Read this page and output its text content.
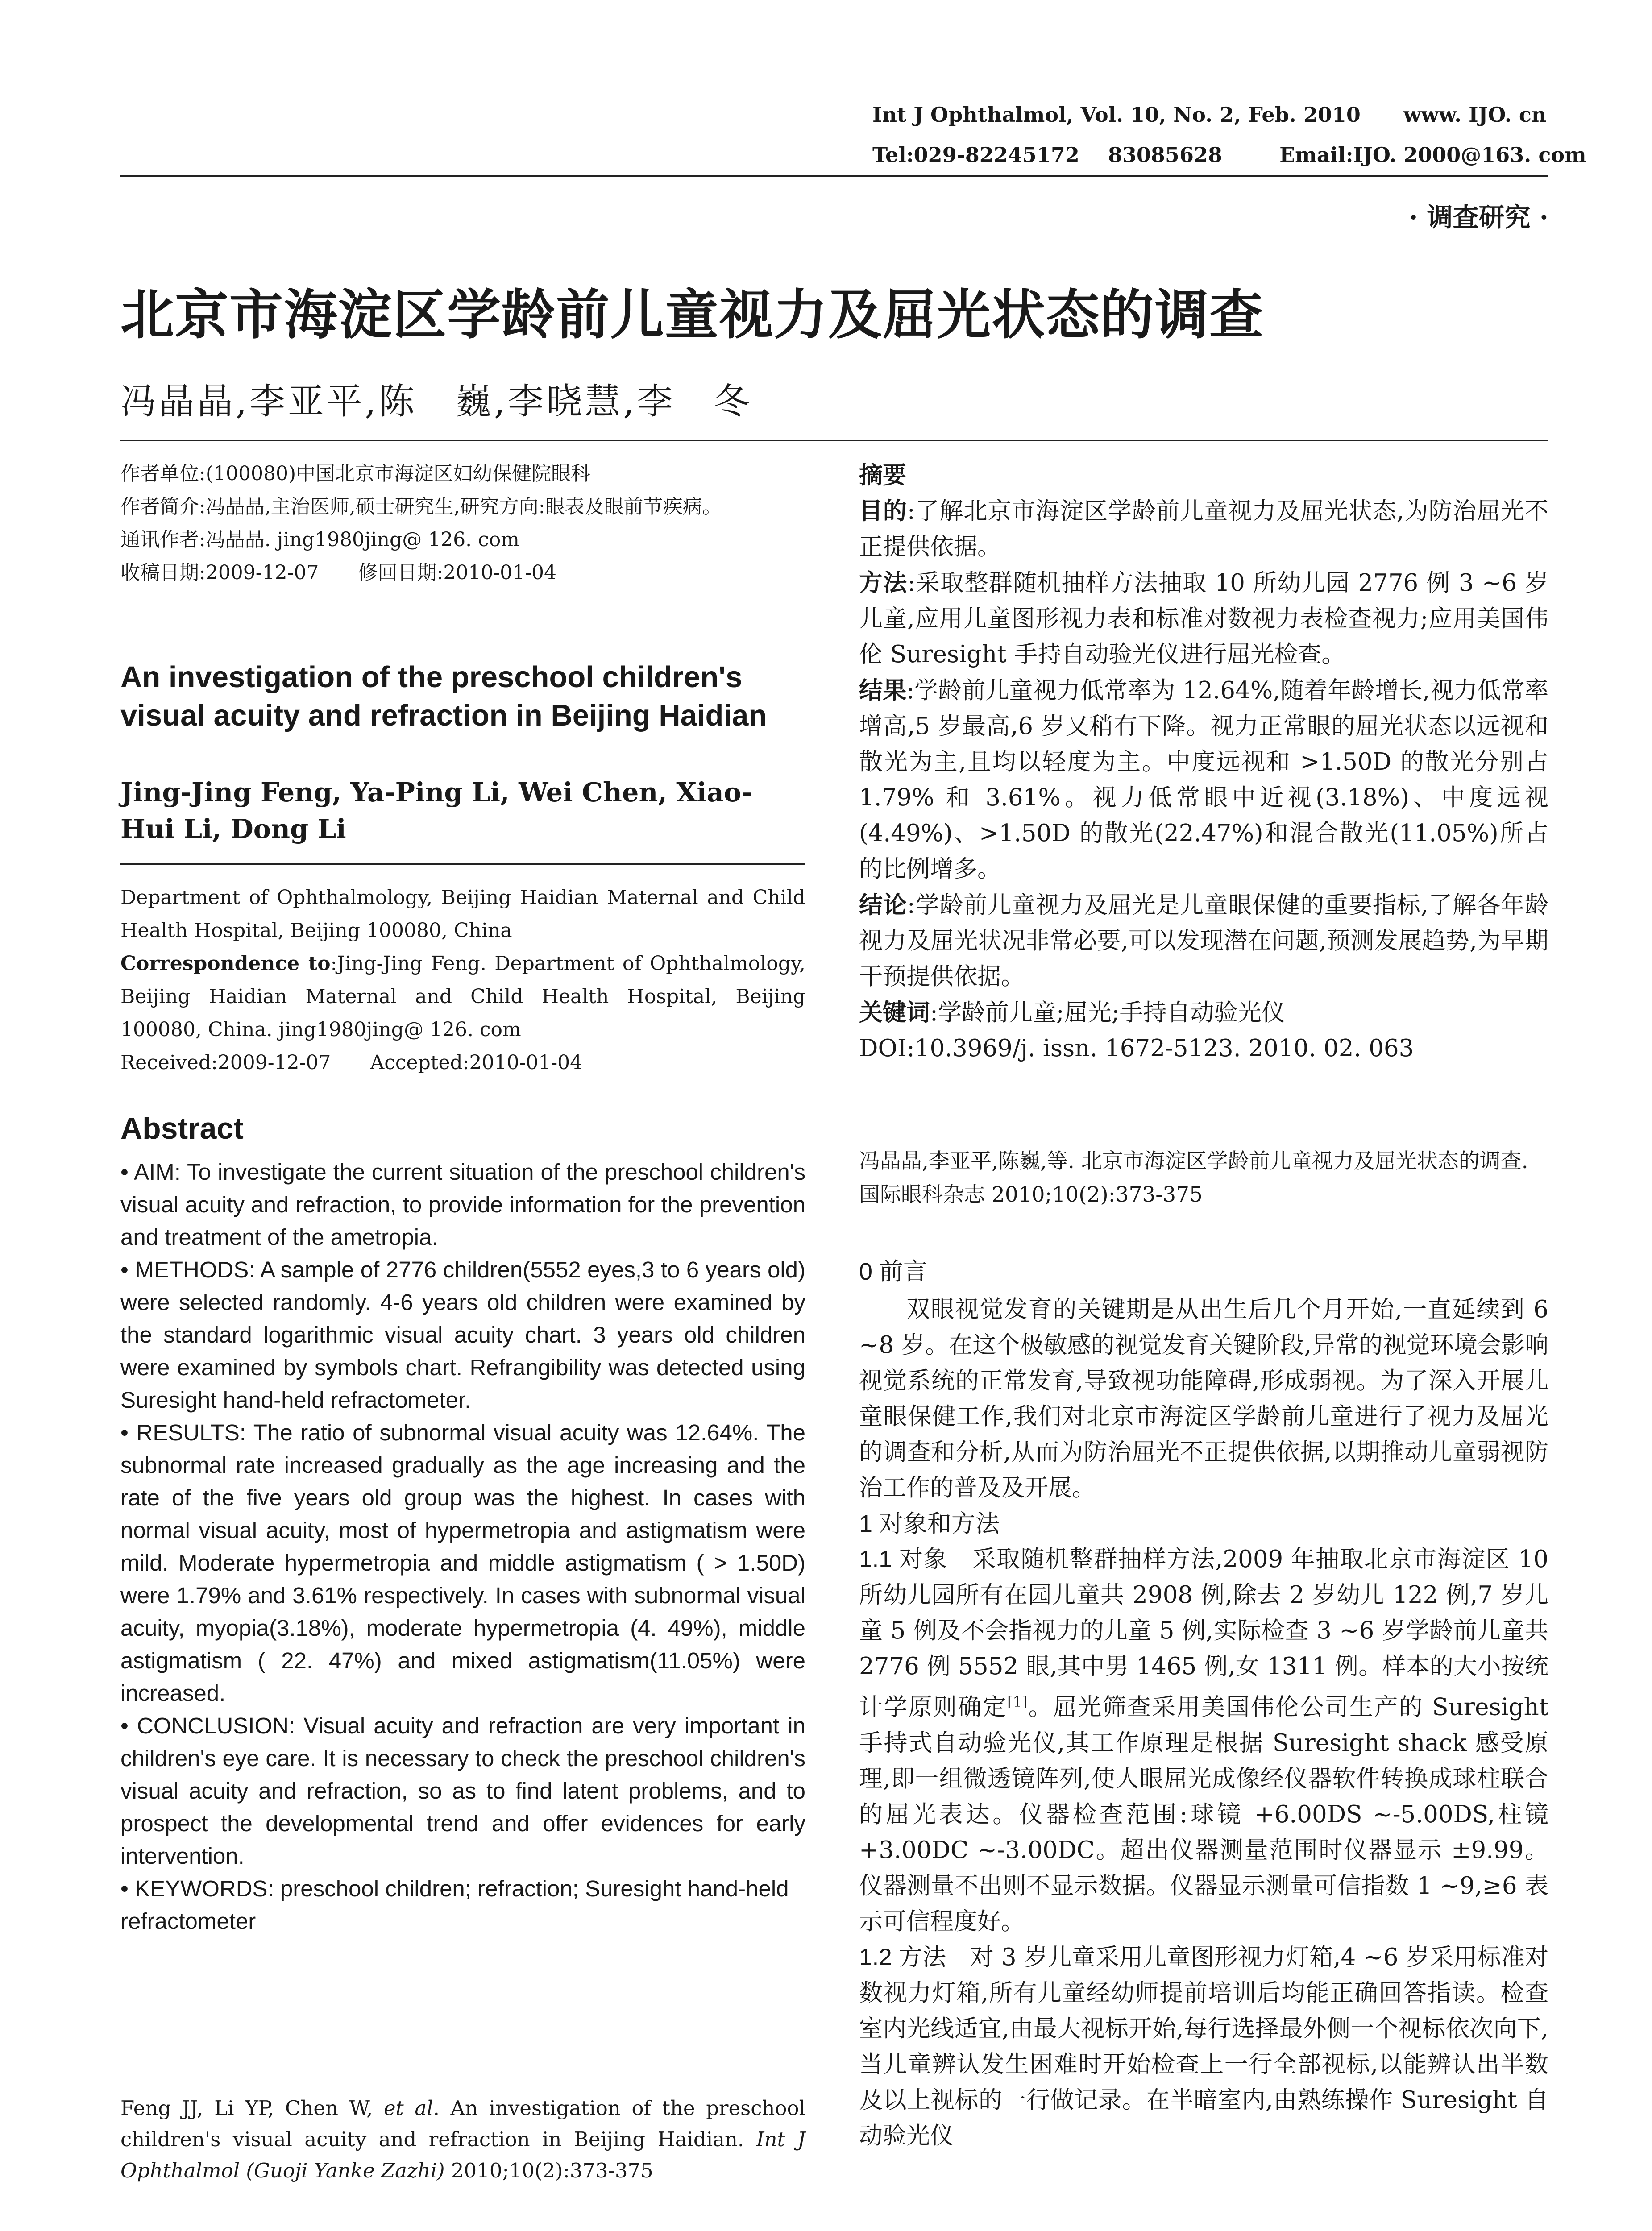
Int J Ophthalmol, Vol. 10, No. 2, Feb. 2010 www. IJO. cn
Tel:029-82245172 83085628	Email:IJO. 2000@163. com
· 调查研究 ·
北京市海淀区学龄前儿童视力及屈光状态的调查
冯晶晶,李亚平,陈　巍,李晓慧,李　冬

作者单位:(100080)中国北京市海淀区妇幼保健院眼科

作者简介:冯晶晶,主治医师,硕士研究生,研究方向:眼表及眼前节疾病。

通讯作者:冯晶晶. jing1980jing@ 126. com

收稿日期:2009-12-07　　修回日期:2010-01-04

An investigation of the preschool children's visual acuity and refraction in Beijing Haidian
Jing-Jing Feng, Ya-Ping Li, Wei Chen, Xiao-Hui Li, Dong Li

Department of Ophthalmology, Beijing Haidian Maternal and Child Health Hospital, Beijing 100080, China

Correspondence to:Jing-Jing Feng. Department of Ophthalmology, Beijing Haidian Maternal and Child Health Hospital, Beijing 100080, China. jing1980jing@ 126. com

Received:2009-12-07　　Accepted:2010-01-04

Abstract

• AIM: To investigate the current situation of the preschool children's visual acuity and refraction, to provide information for the prevention and treatment of the ametropia.

• METHODS: A sample of 2776 children(5552 eyes,3 to 6 years old) were selected randomly. 4-6 years old children were examined by the standard logarithmic visual acuity chart. 3 years old children were examined by symbols chart. Refrangibility was detected using Suresight hand-held refractometer.

• RESULTS: The ratio of subnormal visual acuity was 12.64%. The subnormal rate increased gradually as the age increasing and the rate of the five years old group was the highest. In cases with normal visual acuity, most of hypermetropia and astigmatism were mild. Moderate hypermetropia and middle astigmatism ( > 1.50D) were 1.79% and 3.61% respectively. In cases with subnormal visual acuity, myopia(3.18%), moderate hypermetropia (4. 49%), middle astigmatism ( 22. 47%) and mixed astigmatism(11.05%) were increased.

• CONCLUSION: Visual acuity and refraction are very important in children's eye care. It is necessary to check the preschool children's visual acuity and refraction, so as to find latent problems, and to prospect the developmental trend and offer evidences for early intervention.

• KEYWORDS: preschool children; refraction; Suresight hand-held refractometer

Feng JJ, Li YP, Chen W, et al. An investigation of the preschool children's visual acuity and refraction in Beijing Haidian. Int J Ophthalmol (Guoji Yanke Zazhi) 2010;10(2):373-375

摘要

目的:了解北京市海淀区学龄前儿童视力及屈光状态,为防治屈光不正提供依据。

方法:采取整群随机抽样方法抽取 10 所幼儿园 2776 例 3 ~6 岁儿童,应用儿童图形视力表和标准对数视力表检查视力;应用美国伟伦 Suresight 手持自动验光仪进行屈光检查。

结果:学龄前儿童视力低常率为 12.64%,随着年龄增长,视力低常率增高,5 岁最高,6 岁又稍有下降。视力正常眼的屈光状态以远视和散光为主,且均以轻度为主。中度远视和 >1.50D 的散光分别占 1.79% 和 3.61%。视力低常眼中近视(3.18%)、中度远视(4.49%)、>1.50D 的散光(22.47%)和混合散光(11.05%)所占的比例增多。

结论:学龄前儿童视力及屈光是儿童眼保健的重要指标,了解各年龄视力及屈光状况非常必要,可以发现潜在问题,预测发展趋势,为早期干预提供依据。

关键词:学龄前儿童;屈光;手持自动验光仪

DOI:10.3969/j. issn. 1672-5123. 2010. 02. 063

冯晶晶,李亚平,陈巍,等. 北京市海淀区学龄前儿童视力及屈光状态的调查. 国际眼科杂志 2010;10(2):373-375
0 前言

双眼视觉发育的关键期是从出生后几个月开始,一直延续到 6 ~8 岁。在这个极敏感的视觉发育关键阶段,异常的视觉环境会影响视觉系统的正常发育,导致视功能障碍,形成弱视。为了深入开展儿童眼保健工作,我们对北京市海淀区学龄前儿童进行了视力及屈光的调查和分析,从而为防治屈光不正提供依据,以期推动儿童弱视防治工作的普及及开展。

1 对象和方法

1.1 对象　采取随机整群抽样方法,2009 年抽取北京市海淀区 10 所幼儿园所有在园儿童共 2908 例,除去 2 岁幼儿 122 例,7 岁儿童 5 例及不会指视力的儿童 5 例,实际检查 3 ~6 岁学龄前儿童共 2776 例 5552 眼,其中男 1465 例,女 1311 例。样本的大小按统计学原则确定[1]。屈光筛查采用美国伟伦公司生产的 Suresight 手持式自动验光仪,其工作原理是根据 Suresight shack 感受原理,即一组微透镜阵列,使人眼屈光成像经仪器软件转换成球柱联合的屈光表达。仪器检查范围:球镜 +6.00DS ~-5.00DS,柱镜 +3.00DC ~-3.00DC。超出仪器测量范围时仪器显示 ±9.99。仪器测量不出则不显示数据。仪器显示测量可信指数 1 ~9,≥6 表示可信程度好。

1.2 方法　对 3 岁儿童采用儿童图形视力灯箱,4 ~6 岁采用标准对数视力灯箱,所有儿童经幼师提前培训后均能正确回答指读。检查室内光线适宜,由最大视标开始,每行选择最外侧一个视标依次向下,当儿童辨认发生困难时开始检查上一行全部视标,以能辨认出半数及以上视标的一行做记录。在半暗室内,由熟练操作 Suresight 自动验光仪
